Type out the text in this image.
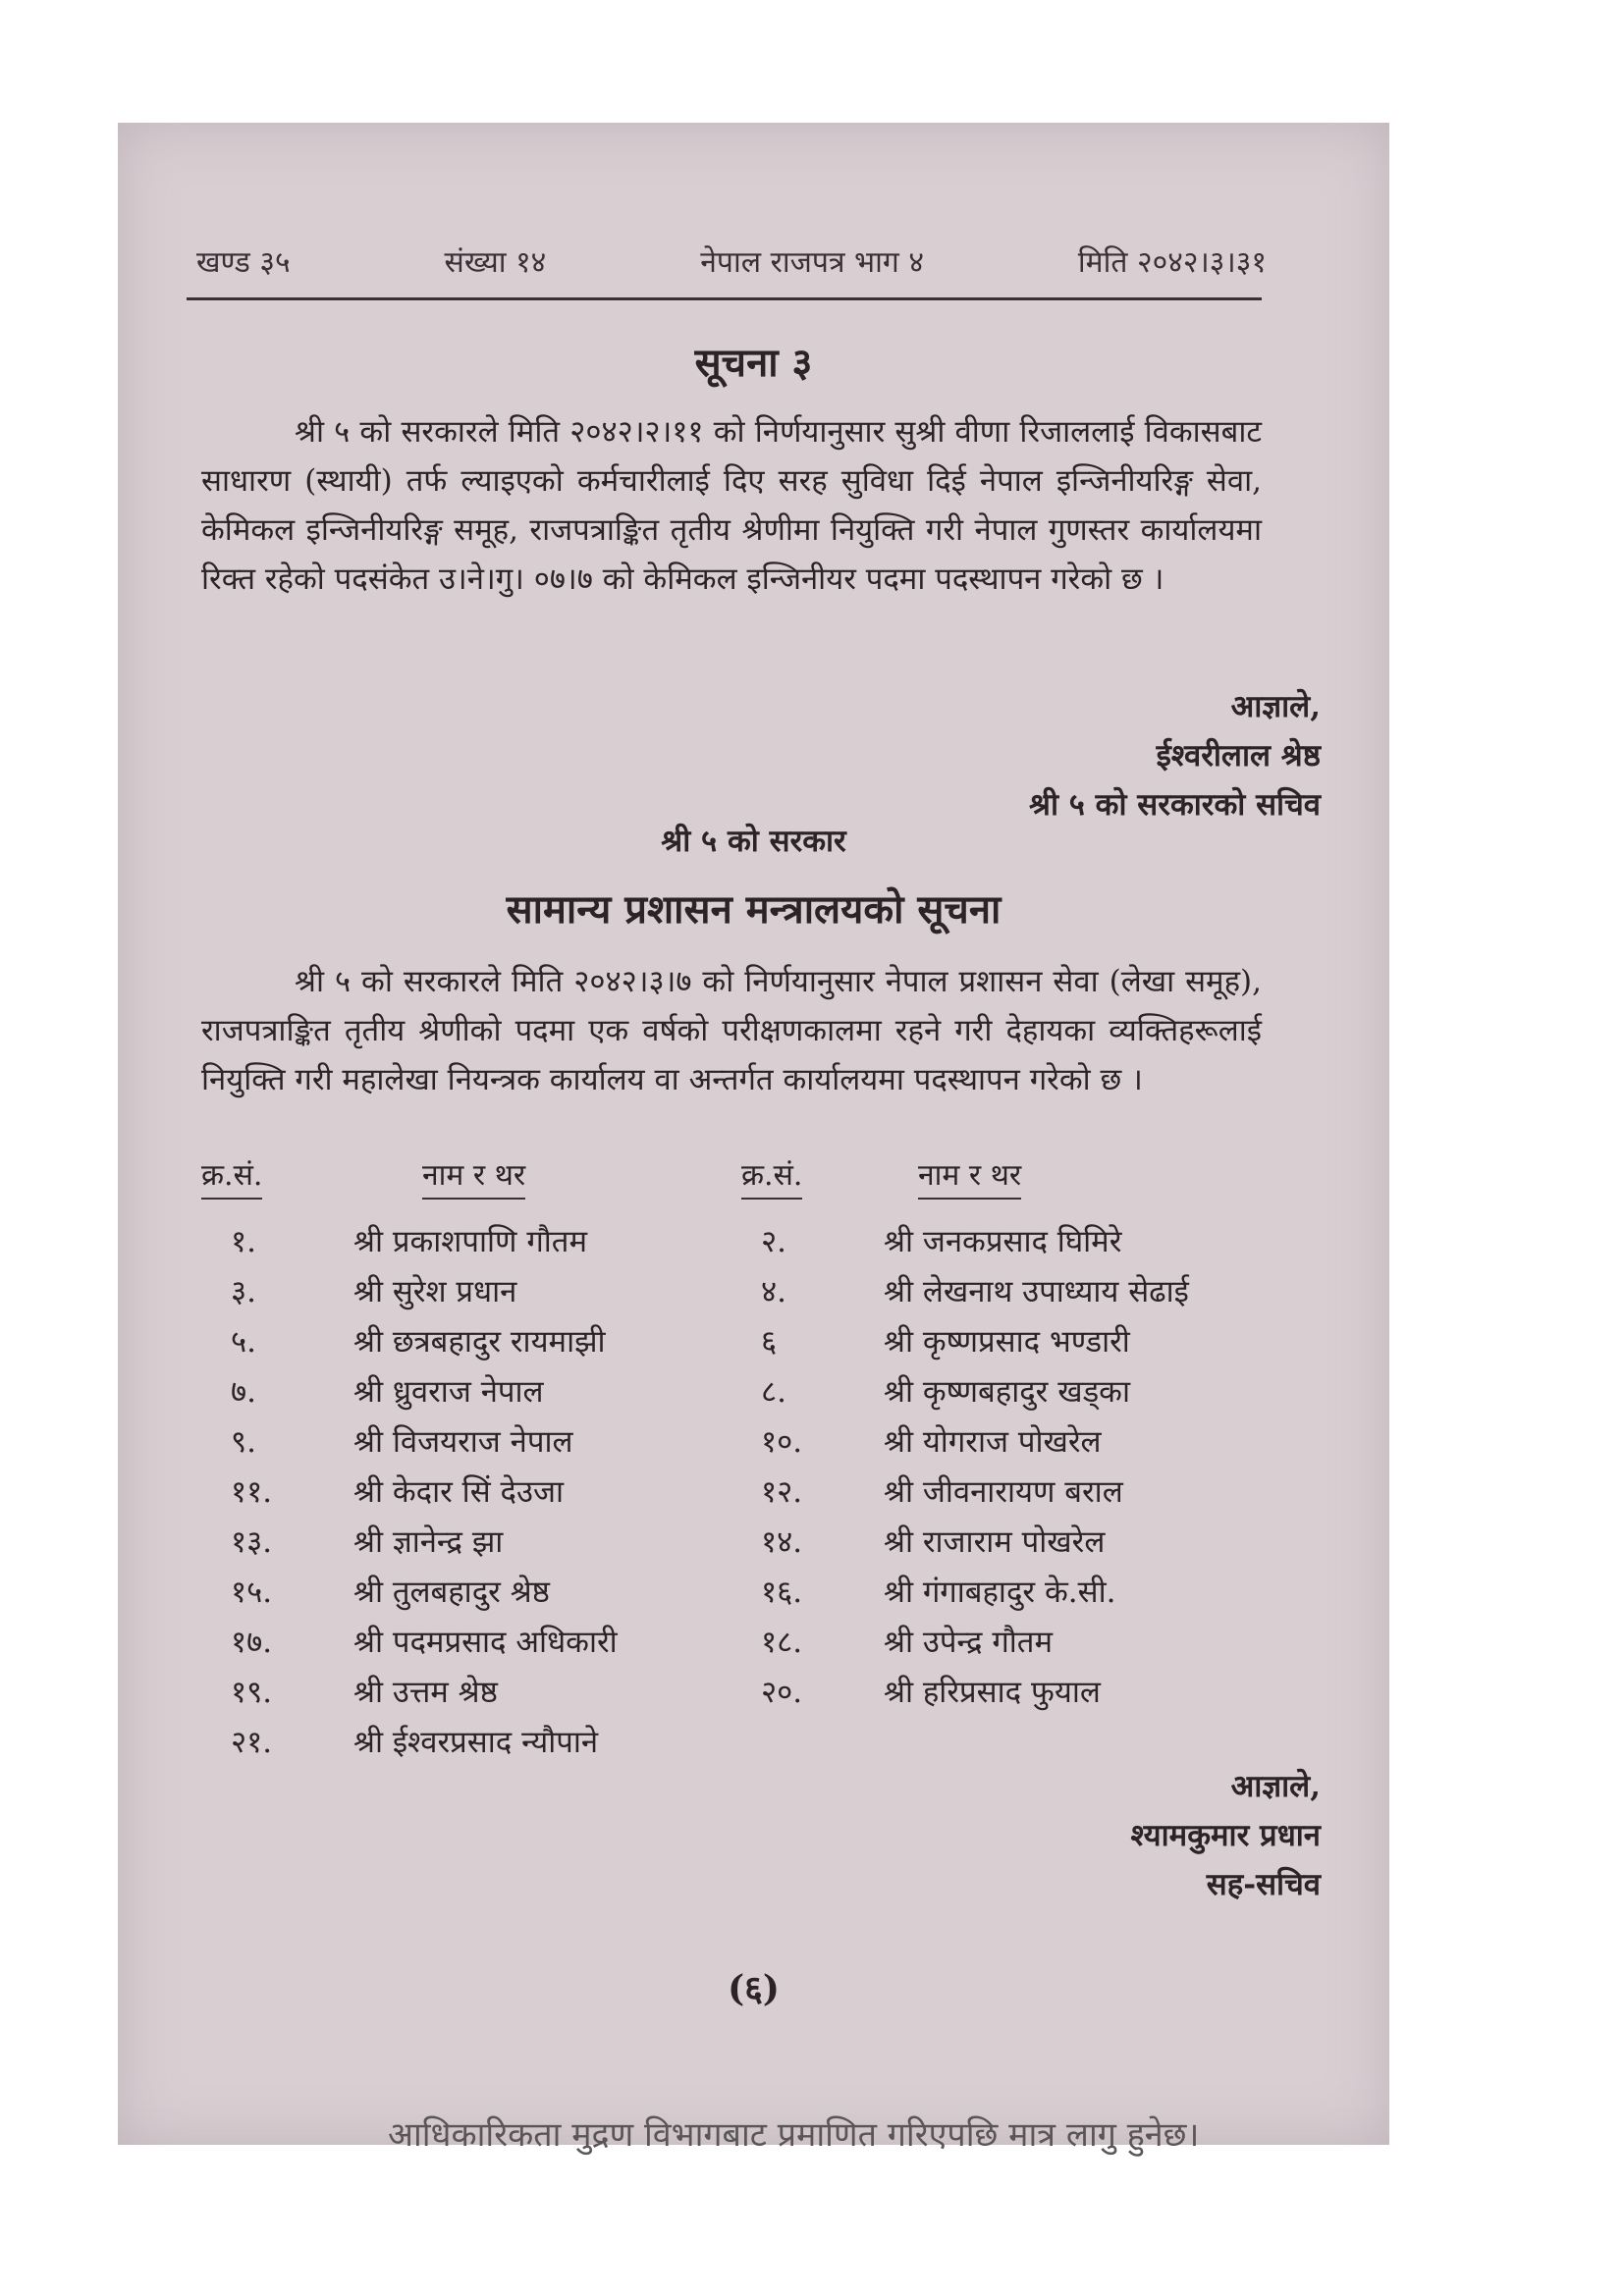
खण्ड ३५	संख्या १४	नेपाल राजपत्र भाग ४	मिति २०४२।३।३१
सूचना ३
श्री ५ को सरकारले मिति २०४२।२।११ को निर्णयानुसार सुश्री वीणा रिजाललाई विकासबाट साधारण (स्थायी) तर्फ ल्याइएको कर्मचारीलाई दिए सरह सुविधा दिई नेपाल इन्जिनीयरिङ्ग सेवा, केमिकल इन्जिनीयरिङ्ग समूह, राजपत्राङ्कित तृतीय श्रेणीमा नियुक्ति गरी नेपाल गुणस्तर कार्यालयमा रिक्त रहेको पदसंकेत उ।ने।गु। ०७।७ को केमिकल इन्जिनीयर पदमा पदस्थापन गरेको छ ।
आज्ञाले,
ईश्वरीलाल श्रेष्ठ
श्री ५ को सरकारको सचिव
श्री ५ को सरकार
सामान्य प्रशासन मन्त्रालयको सूचना
श्री ५ को सरकारले मिति २०४२।३।७ को निर्णयानुसार नेपाल प्रशासन सेवा (लेखा समूह), राजपत्राङ्कित तृतीय श्रेणीको पदमा एक वर्षको परीक्षणकालमा रहने गरी देहायका व्यक्तिहरूलाई नियुक्ति गरी महालेखा नियन्त्रक कार्यालय वा अन्तर्गत कार्यालयमा पदस्थापन गरेको छ ।
क्र.सं.	नाम र थर	क्र.सं.	नाम र थर
१.	श्री प्रकाशपाणि गौतम	२.	श्री जनकप्रसाद घिमिरे
३.	श्री सुरेश प्रधान	४.	श्री लेखनाथ उपाध्याय सेढाई
५.	श्री छत्रबहादुर रायमाझी	६	श्री कृष्णप्रसाद भण्डारी
७.	श्री ध्रुवराज नेपाल	८.	श्री कृष्णबहादुर खड्का
९.	श्री विजयराज नेपाल	१०.	श्री योगराज पोखरेल
११.	श्री केदार सिं देउजा	१२.	श्री जीवनारायण बराल
१३.	श्री ज्ञानेन्द्र झा	१४.	श्री राजाराम पोखरेल
१५.	श्री तुलबहादुर श्रेष्ठ	१६.	श्री गंगाबहादुर के.सी.
१७.	श्री पदमप्रसाद अधिकारी	१८.	श्री उपेन्द्र गौतम
१९.	श्री उत्तम श्रेष्ठ	२०.	श्री हरिप्रसाद फुयाल
२१.	श्री ईश्वरप्रसाद न्यौपाने
आज्ञाले,
श्यामकुमार प्रधान
सह-सचिव
(६)
आधिकारिकता मुद्रण विभागबाट प्रमाणित गरिएपछि मात्र लागु हुनेछ।
